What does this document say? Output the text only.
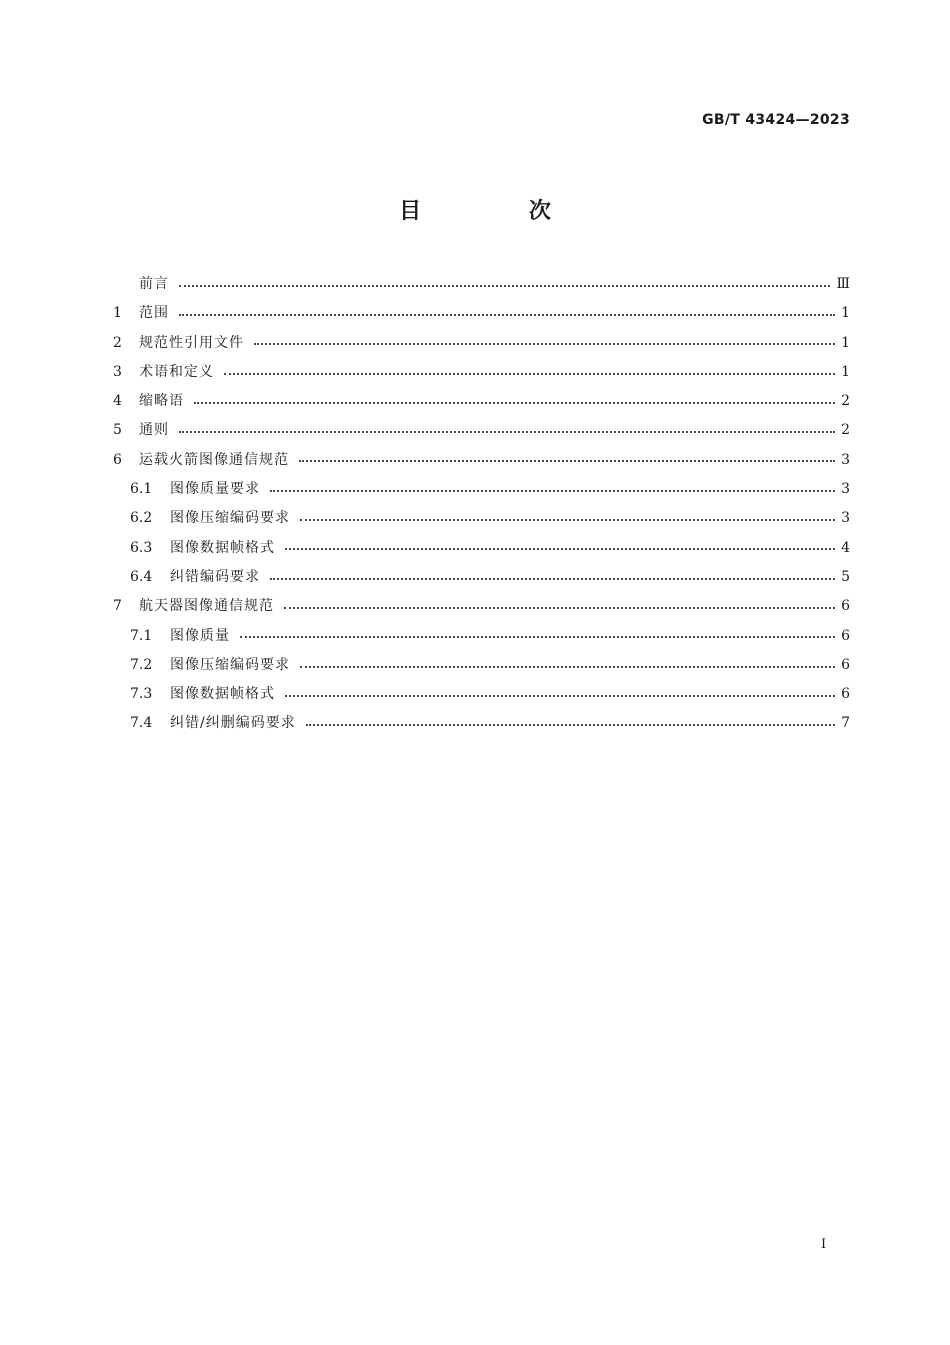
GB/T 43424—2023
目 次
前言	Ⅲ
1	范围	1
2	规范性引用文件	1
3	术语和定义	1
4	缩略语	2
5	通则	2
6	运载火箭图像通信规范	3
6.1	图像质量要求	3
6.2	图像压缩编码要求	3
6.3	图像数据帧格式	4
6.4	纠错编码要求	5
7	航天器图像通信规范	6
7.1	图像质量	6
7.2	图像压缩编码要求	6
7.3	图像数据帧格式	6
7.4	纠错/纠删编码要求	7
I
